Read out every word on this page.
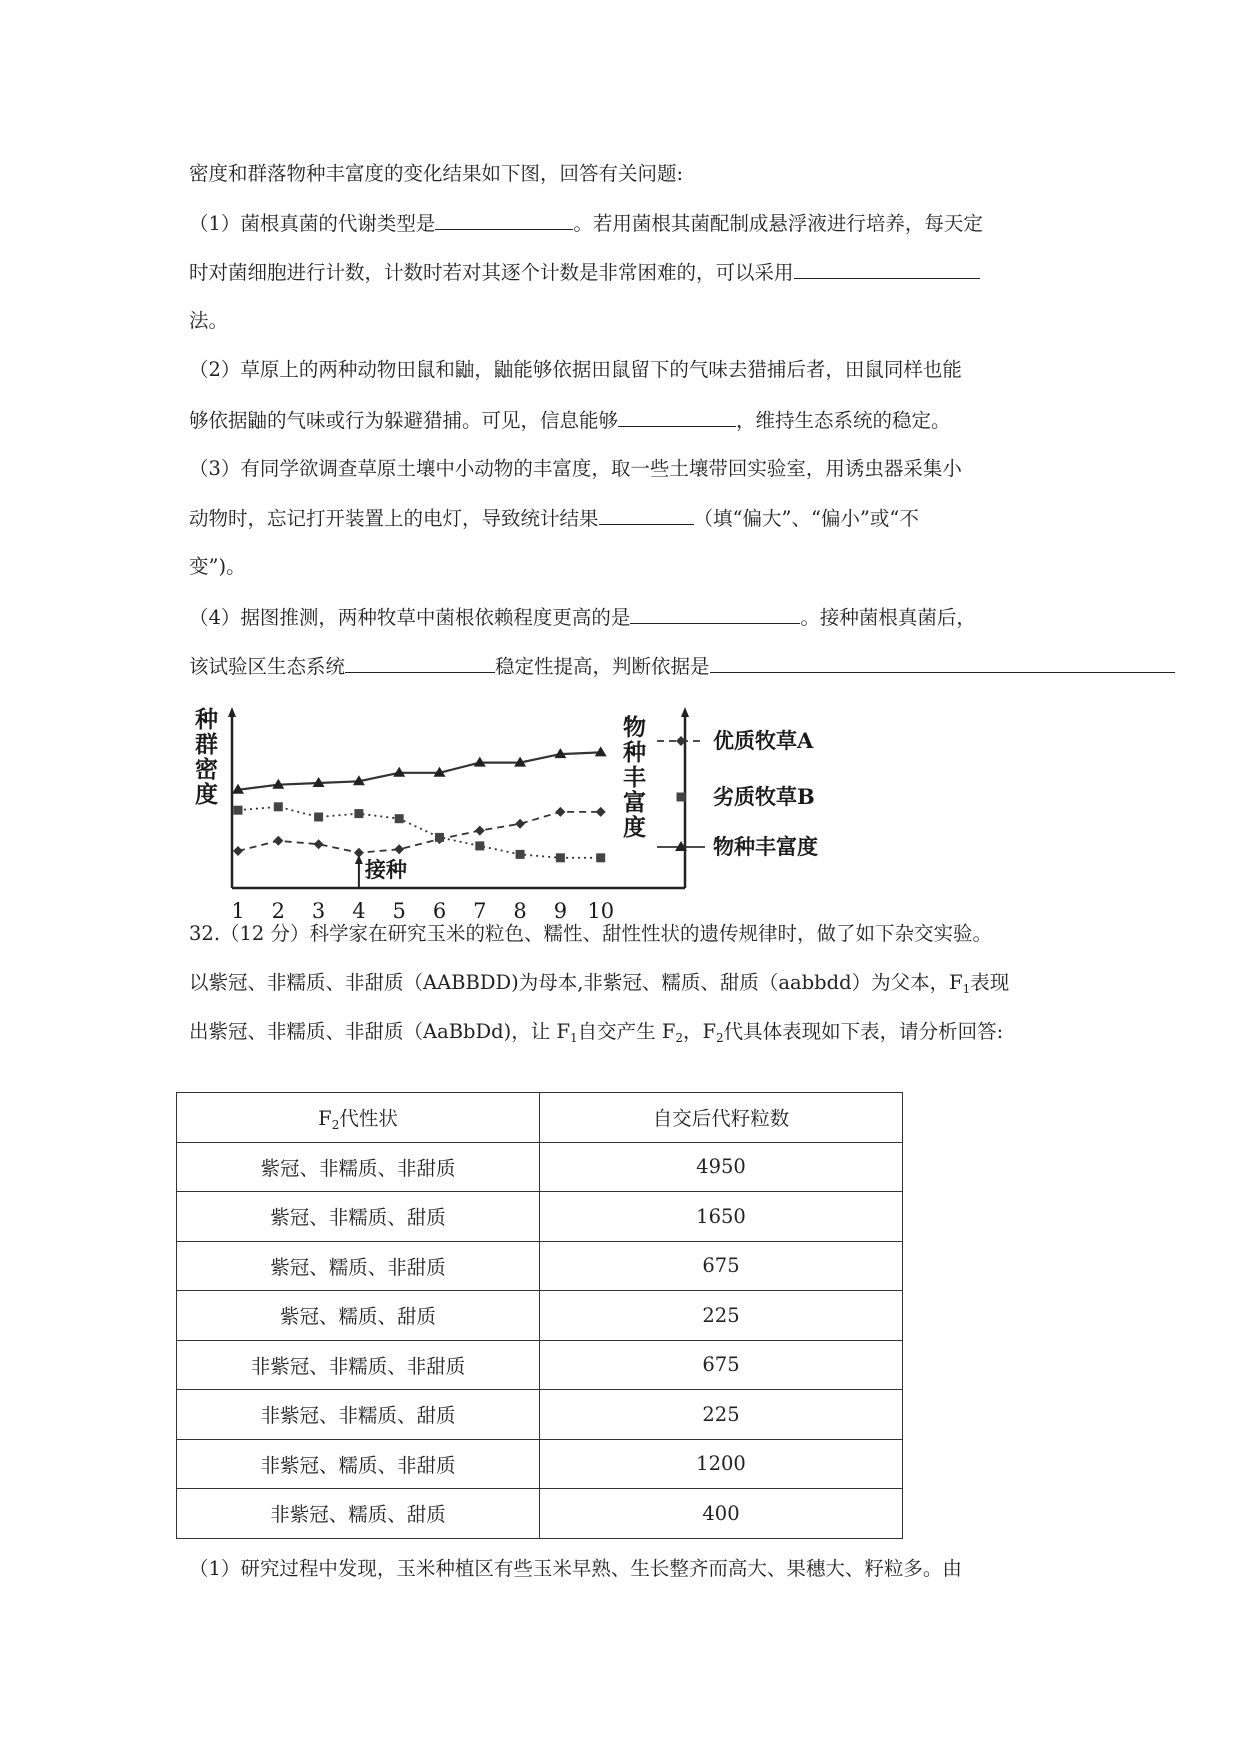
密度和群落物种丰富度的变化结果如下图，回答有关问题:
（1）菌根真菌的代谢类型是	。若用菌根其菌配制成悬浮液进行培养，每天定
时对菌细胞进行计数，计数时若对其逐个计数是非常困难的，可以采用
法。
（2）草原上的两种动物田鼠和鼬，鼬能够依据田鼠留下的气味去猎捕后者，田鼠同样也能
够依据鼬的气味或行为躲避猎捕。可见，信息能够	，维持生态系统的稳定。
（3）有同学欲调查草原土壤中小动物的丰富度，取一些土壤带回实验室，用诱虫器采集小
动物时，忘记打开装置上的电灯，导致统计结果	（填“偏大”、“偏小”或“不
变”)。
（4）据图推测，两种牧草中菌根依赖程度更高的是	。接种菌根真菌后，
该试验区生态系统	稳定性提高，判断依据是
种
群
密
度
物
种
丰
富
度
1 2 3 4 5 6 7 8 9 10
接种
优质牧草A
劣质牧草B
物种丰富度
$F_2$代性状	自交后代籽粒数
紫冠、非糯质、非甜质	4950
紫冠、非糯质、甜质	1650
紫冠、糯质、非甜质	675
紫冠、糯质、甜质	225
非紫冠、非糯质、非甜质	675
非紫冠、非糯质、甜质	225
非紫冠、糯质、非甜质	1200
非紫冠、糯质、甜质	400
32.（12 分）科学家在研究玉米的粒色、糯性、甜性性状的遗传规律时，做了如下杂交实验。
以紫冠、非糯质、非甜质（AABBDD)为母本,非紫冠、糯质、甜质（aabbdd）为父本，$F_1$表现
出紫冠、非糯质、非甜质（AaBbDd)，让 $F_1$自交产生 $F_2$，$F_2$代具体表现如下表，请分析回答:
（1）研究过程中发现，玉米种植区有些玉米早熟、生长整齐而高大、果穗大、籽粒多。由
